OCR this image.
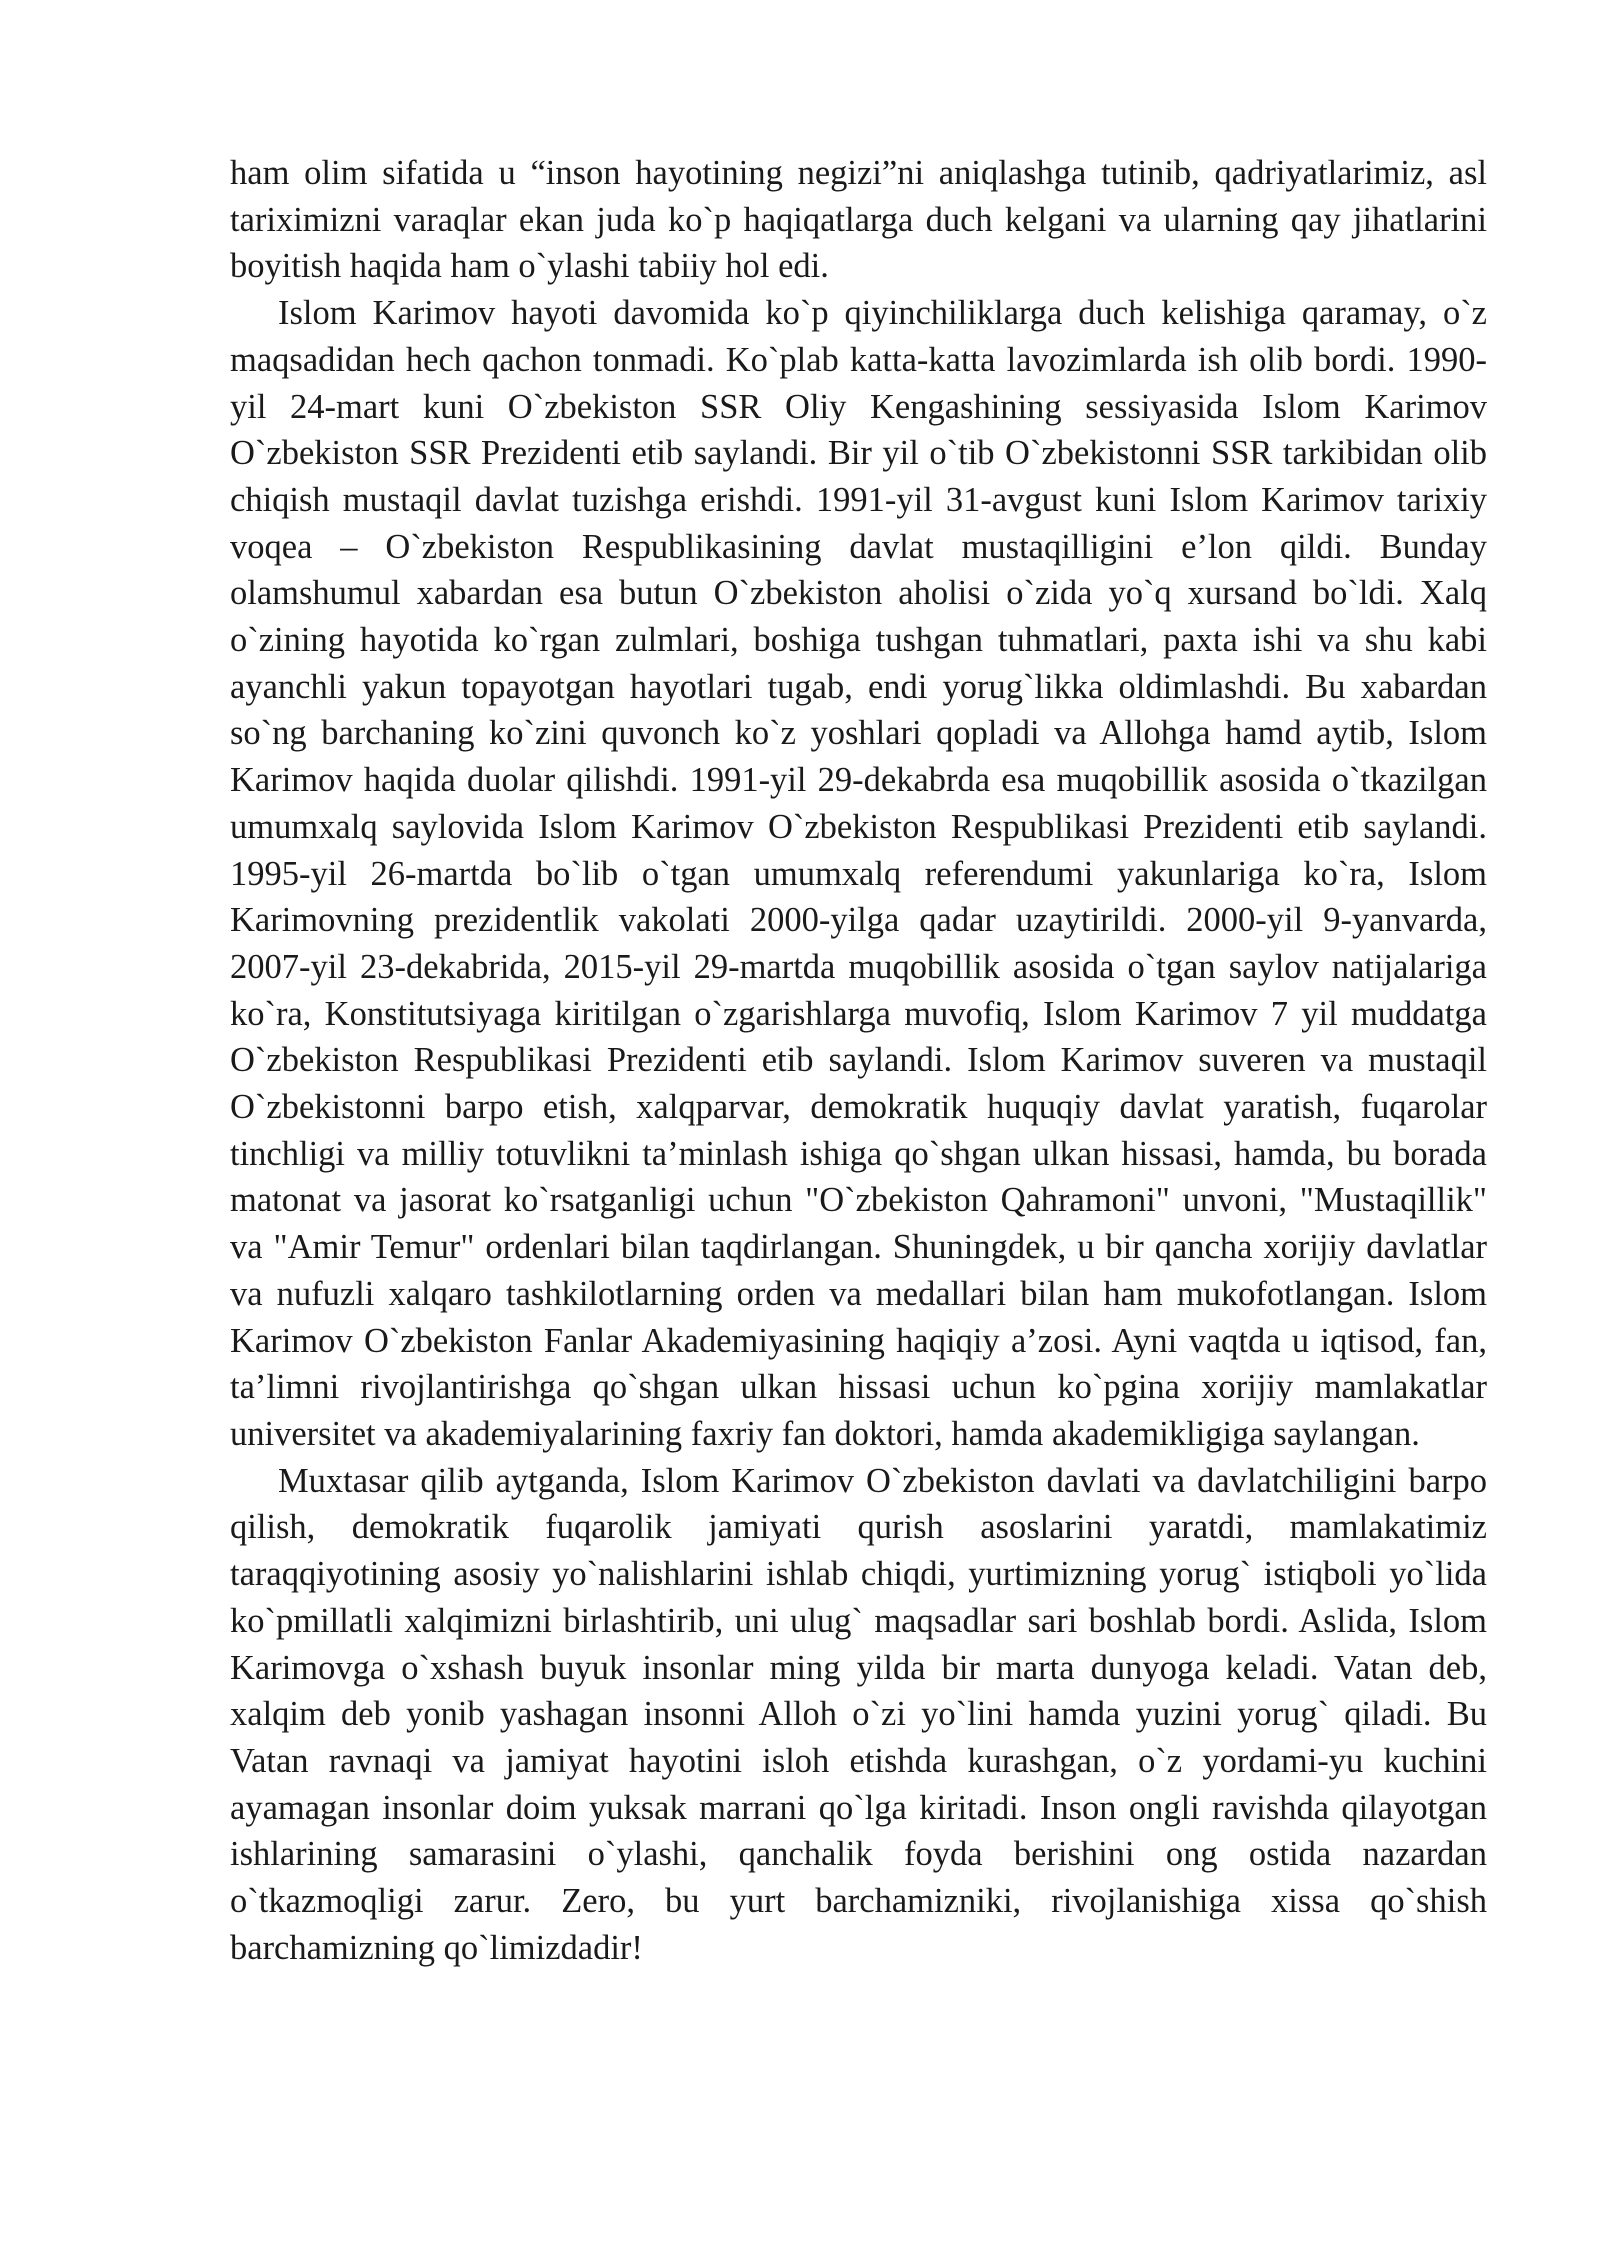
ham olim sifatida u “inson hayotining negizi”ni aniqlashga tutinib, qadriyatlarimiz, asl tariximizni varaqlar ekan juda ko`p haqiqatlarga duch kelgani va ularning qay jihatlarini boyitish haqida ham o`ylashi tabiiy hol edi.

Islom Karimov hayoti davomida ko`p qiyinchiliklarga duch kelishiga qaramay, o`z maqsadidan hech qachon tonmadi. Ko`plab katta-katta lavozimlarda ish olib bordi. 1990-yil 24-mart kuni O`zbekiston SSR Oliy Kengashining sessiyasida Islom Karimov O`zbekiston SSR Prezidenti etib saylandi. Bir yil o`tib O`zbekistonni SSR tarkibidan olib chiqish mustaqil davlat tuzishga erishdi. 1991-yil 31-avgust kuni Islom Karimov tarixiy voqea – O`zbekiston Respublikasining davlat mustaqilligini e’lon qildi. Bunday olamshumul xabardan esa butun O`zbekiston aholisi o`zida yo`q xursand bo`ldi. Xalq o`zining hayotida ko`rgan zulmlari, boshiga tushgan tuhmatlari, paxta ishi va shu kabi ayanchli yakun topayotgan hayotlari tugab, endi yorug`likka oldimlashdi. Bu xabardan so`ng barchaning ko`zini quvonch ko`z yoshlari qopladi va Allohga hamd aytib, Islom Karimov haqida duolar qilishdi. 1991-yil 29-dekabrda esa muqobillik asosida o`tkazilgan umumxalq saylovida Islom Karimov O`zbekiston Respublikasi Prezidenti etib saylandi. 1995-yil 26-martda bo`lib o`tgan umumxalq referendumi yakunlariga ko`ra, Islom Karimovning prezidentlik vakolati 2000-yilga qadar uzaytirildi. 2000-yil 9-yanvarda, 2007-yil 23-dekabrida, 2015-yil 29-martda muqobillik asosida o`tgan saylov natijalariga ko`ra, Konstitutsiyaga kiritilgan o`zgarishlarga muvofiq, Islom Karimov 7 yil muddatga O`zbekiston Respublikasi Prezidenti etib saylandi. Islom Karimov suveren va mustaqil O`zbekistonni barpo etish, xalqparvar, demokratik huquqiy davlat yaratish, fuqarolar tinchligi va milliy totuvlikni ta’minlash ishiga qo`shgan ulkan hissasi, hamda, bu borada matonat va jasorat ko`rsatganligi uchun "O`zbekiston Qahramoni" unvoni, "Mustaqillik" va "Amir Temur" ordenlari bilan taqdirlangan. Shuningdek, u bir qancha xorijiy davlatlar va nufuzli xalqaro tashkilotlarning orden va medallari bilan ham mukofotlangan. Islom Karimov O`zbekiston Fanlar Akademiyasining haqiqiy a’zosi. Ayni vaqtda u iqtisod, fan, ta’limni rivojlantirishga qo`shgan ulkan hissasi uchun ko`pgina xorijiy mamlakatlar universitet va akademiyalarining faxriy fan doktori, hamda akademikligiga saylangan.

Muxtasar qilib aytganda, Islom Karimov O`zbekiston davlati va davlatchiligini barpo qilish, demokratik fuqarolik jamiyati qurish asoslarini yaratdi, mamlakatimiz taraqqiyotining asosiy yo`nalishlarini ishlab chiqdi, yurtimizning yorug` istiqboli yo`lida ko`pmillatli xalqimizni birlashtirib, uni ulug` maqsadlar sari boshlab bordi. Aslida, Islom Karimovga o`xshash buyuk insonlar ming yilda bir marta dunyoga keladi. Vatan deb, xalqim deb yonib yashagan insonni Alloh o`zi yo`lini hamda yuzini yorug` qiladi. Bu Vatan ravnaqi va jamiyat hayotini isloh etishda kurashgan, o`z yordami-yu kuchini ayamagan insonlar doim yuksak marrani qo`lga kiritadi. Inson ongli ravishda qilayotgan ishlarining samarasini o`ylashi, qanchalik foyda berishini ong ostida nazardan o`tkazmoqligi zarur. Zero, bu yurt barchamizniki, rivojlanishiga xissa qo`shish barchamizning qo`limizdadir!
